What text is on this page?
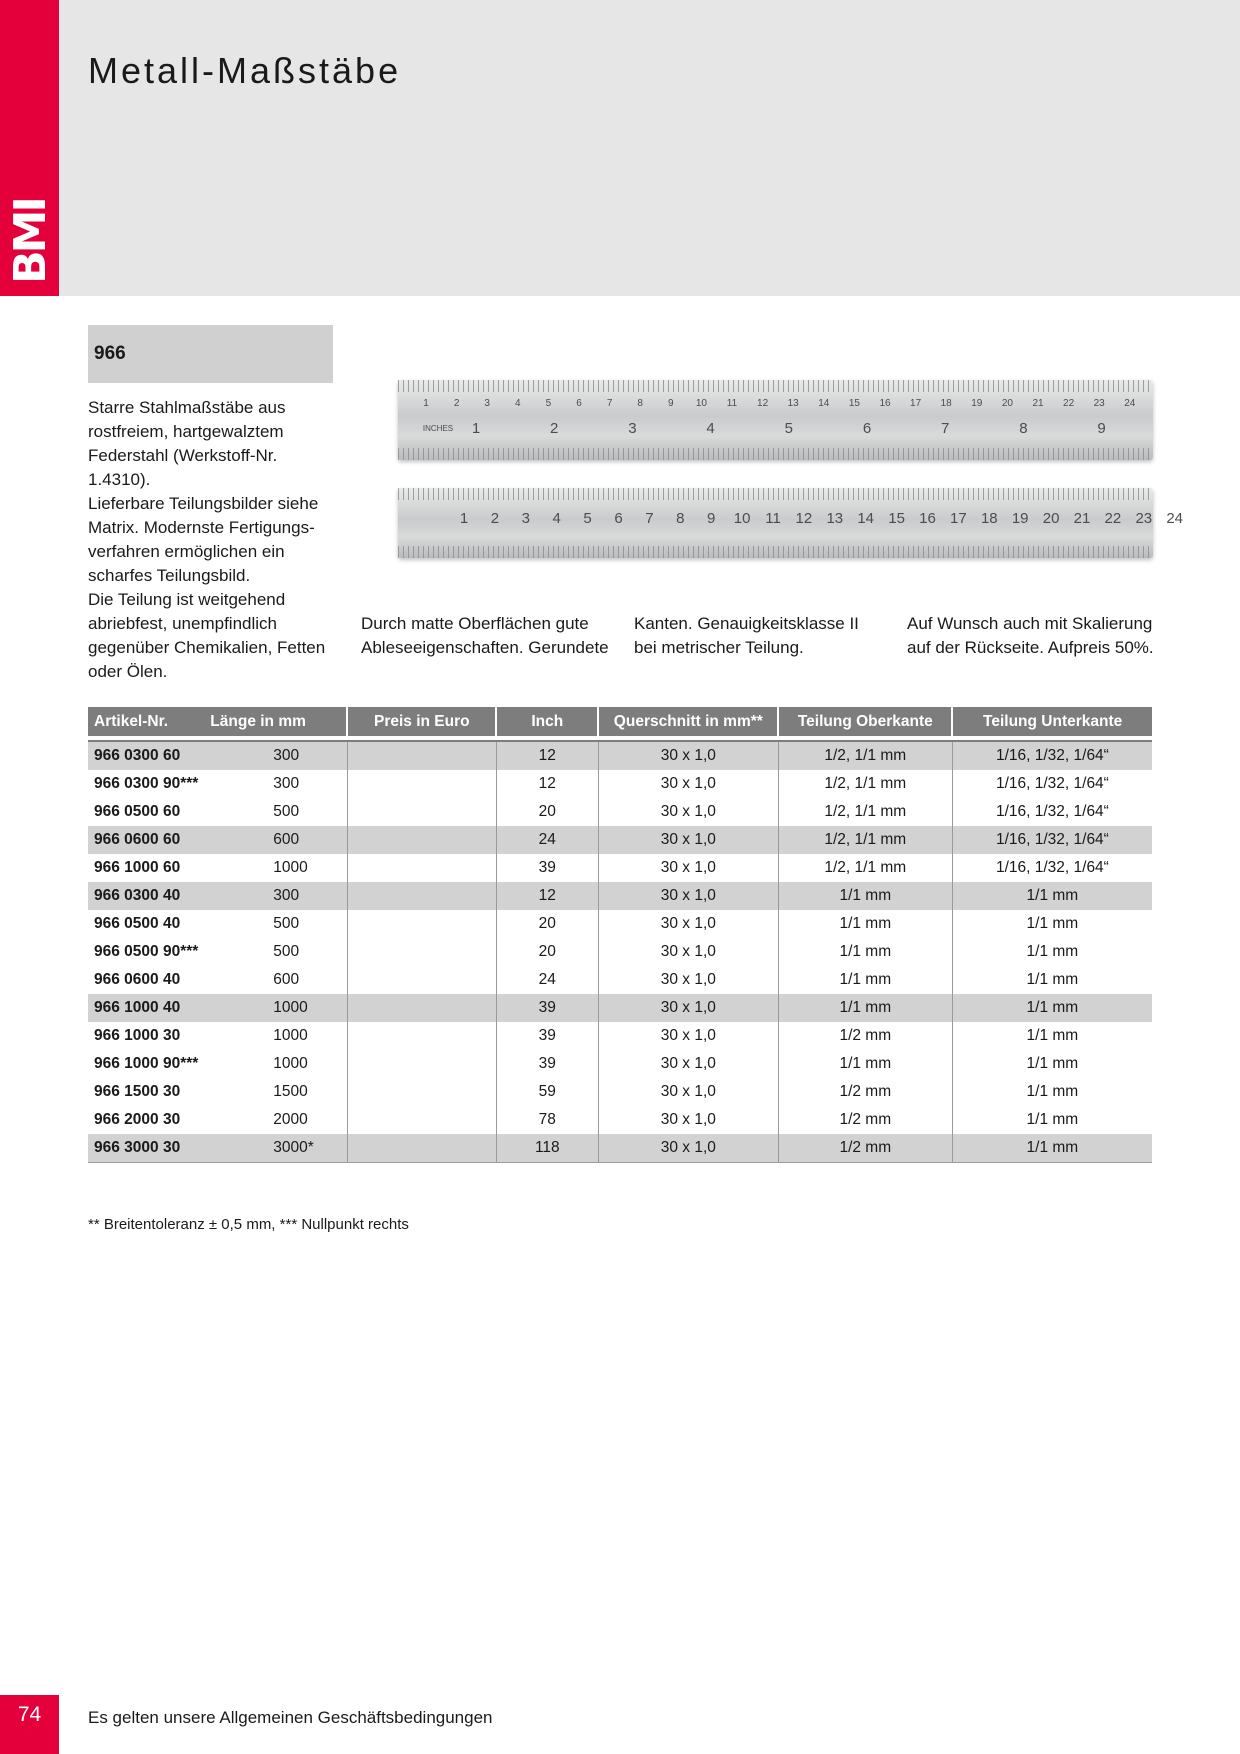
BMI
Metall-Maßstäbe
966
Starre Stahlmaßstäbe aus
rostfreiem, hartgewalztem
Federstahl (Werkstoff-Nr. 1.4310).
Lieferbare Teilungsbilder siehe
Matrix. Modernste Fertigungs-
verfahren ermöglichen ein
scharfes Teilungsbild.
Die Teilung ist weitgehend
abriebfest, unempfindlich
gegenüber Chemikalien, Fetten
oder Ölen.
Durch matte Oberflächen gute
Ableseeigenschaften. Gerundete
Kanten. Genauigkeitsklasse II
bei metrischer Teilung.
Auf Wunsch auch mit Skalierung
auf der Rückseite. Aufpreis 50%.
1	2	3	4	5	6	7	8	9 10 11 12 13 14 15 16 17 18 19 20 21 22 23 24
1	2	3	4	5	6	7	8	9
INCHES
1 2 3 4 5 6 7 8 9 10 11 12 13 14 15 16 17 18 19 20 21 22 23 24
Artikel-Nr.	Länge in mm	Preis in Euro	Inch	Querschnitt in mm**	Teilung Oberkante	Teilung Unterkante

966 0300 60	300		12	30 x 1,0	1/2, 1/1 mm	1/16, 1/32, 1/64“
966 0300 90***	300		12	30 x 1,0	1/2, 1/1 mm	1/16, 1/32, 1/64“
966 0500 60	500		20	30 x 1,0	1/2, 1/1 mm	1/16, 1/32, 1/64“
966 0600 60	600		24	30 x 1,0	1/2, 1/1 mm	1/16, 1/32, 1/64“
966 1000 60	1000		39	30 x 1,0	1/2, 1/1 mm	1/16, 1/32, 1/64“
966 0300 40	300		12	30 x 1,0	1/1 mm	1/1 mm
966 0500 40	500		20	30 x 1,0	1/1 mm	1/1 mm
966 0500 90***	500		20	30 x 1,0	1/1 mm	1/1 mm
966 0600 40	600		24	30 x 1,0	1/1 mm	1/1 mm
966 1000 40	1000		39	30 x 1,0	1/1 mm	1/1 mm
966 1000 30	1000		39	30 x 1,0	1/2 mm	1/1 mm
966 1000 90***	1000		39	30 x 1,0	1/1 mm	1/1 mm
966 1500 30	1500		59	30 x 1,0	1/2 mm	1/1 mm
966 2000 30	2000		78	30 x 1,0	1/2 mm	1/1 mm
966 3000 30	3000*		118	30 x 1,0	1/2 mm	1/1 mm
** Breitentoleranz ± 0,5 mm, *** Nullpunkt rechts
74	Es gelten unsere Allgemeinen Geschäftsbedingungen
